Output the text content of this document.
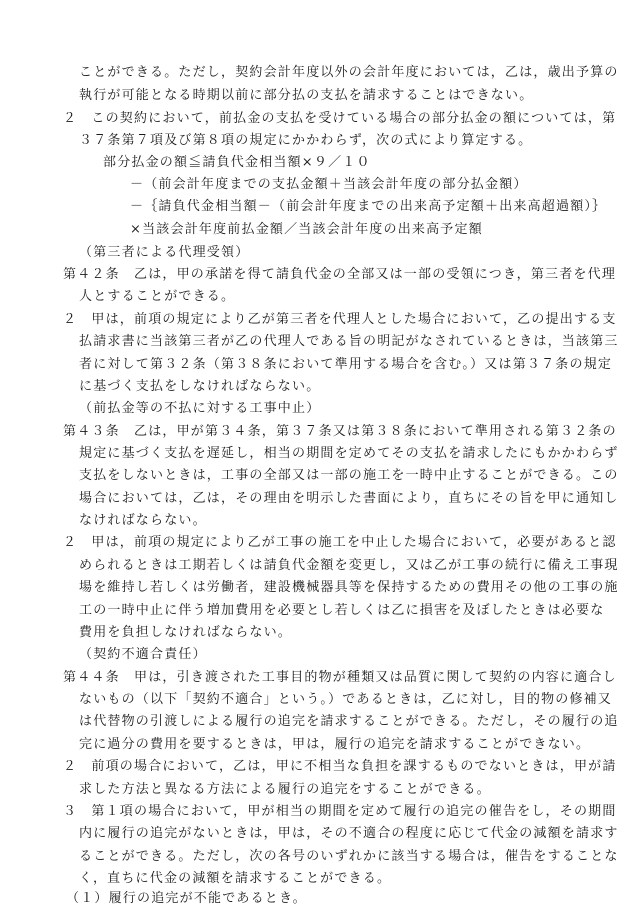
ことができる。ただし，契約会計年度以外の会計年度においては，乙は，歳出予算の
執行が可能となる時期以前に部分払の支払を請求することはできない。
２　この契約において，前払金の支払を受けている場合の部分払金の額については，第
３７条第７項及び第８項の規定にかかわらず，次の式により算定する。
部分払金の額≦請負代金相当額×９／１０
－（前会計年度までの支払金額＋当該会計年度の部分払金額）
－｛請負代金相当額－（前会計年度までの出来高予定額＋出来高超過額）｝
×当該会計年度前払金額／当該会計年度の出来高予定額
（第三者による代理受領）
第４２条　乙は，甲の承諾を得て請負代金の全部又は一部の受領につき，第三者を代理
人とすることができる。
２　甲は，前項の規定により乙が第三者を代理人とした場合において，乙の提出する支
払請求書に当該第三者が乙の代理人である旨の明記がなされているときは，当該第三
者に対して第３２条（第３８条において準用する場合を含む。）又は第３７条の規定
に基づく支払をしなければならない。
（前払金等の不払に対する工事中止）
第４３条　乙は，甲が第３４条，第３７条又は第３８条において準用される第３２条の
規定に基づく支払を遅延し，相当の期間を定めてその支払を請求したにもかかわらず
支払をしないときは，工事の全部又は一部の施工を一時中止することができる。この
場合においては，乙は，その理由を明示した書面により，直ちにその旨を甲に通知し
なければならない。
２　甲は，前項の規定により乙が工事の施工を中止した場合において，必要があると認
められるときは工期若しくは請負代金額を変更し，又は乙が工事の続行に備え工事現
場を維持し若しくは労働者，建設機械器具等を保持するための費用その他の工事の施
工の一時中止に伴う増加費用を必要とし若しくは乙に損害を及ぼしたときは必要な
費用を負担しなければならない。
（契約不適合責任）
第４４条　甲は，引き渡された工事目的物が種類又は品質に関して契約の内容に適合し
ないもの（以下「契約不適合」という。）であるときは，乙に対し，目的物の修補又
は代替物の引渡しによる履行の追完を請求することができる。ただし，その履行の追
完に過分の費用を要するときは，甲は，履行の追完を請求することができない。
２　前項の場合において，乙は，甲に不相当な負担を課するものでないときは，甲が請
求した方法と異なる方法による履行の追完をすることができる。
３　第１項の場合において，甲が相当の期間を定めて履行の追完の催告をし，その期間
内に履行の追完がないときは，甲は，その不適合の程度に応じて代金の減額を請求す
ることができる。ただし，次の各号のいずれかに該当する場合は，催告をすることな
く，直ちに代金の減額を請求することができる。
（１）履行の追完が不能であるとき。
